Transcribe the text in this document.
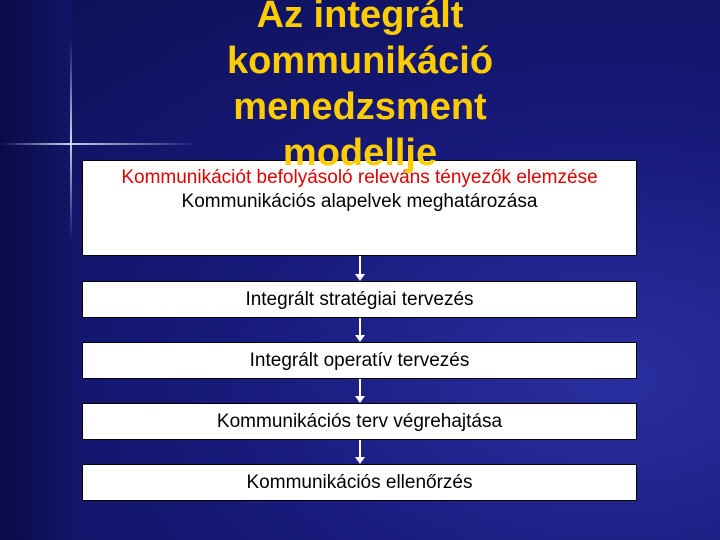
Kommunikációt befolyásoló releváns tényezők elemzése
Kommunikációs alapelvek meghatározása
Integrált stratégiai tervezés
Integrált operatív tervezés
Kommunikációs terv végrehajtása
Kommunikációs ellenőrzés
Az integrált kommunikáció menedzsment modellje
